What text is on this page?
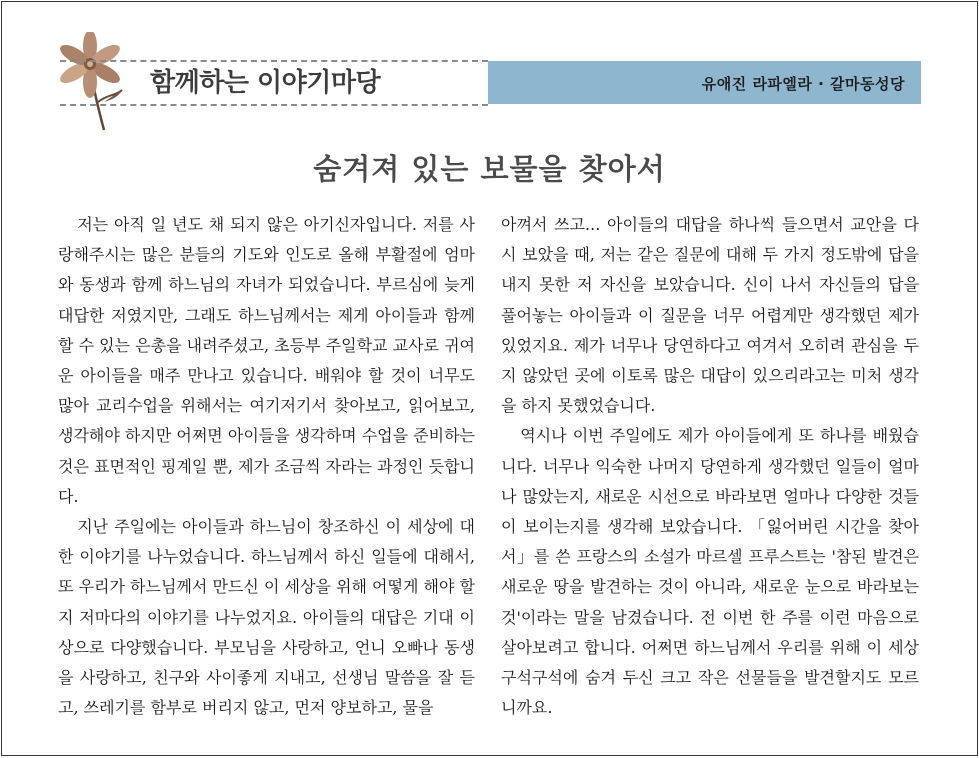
함께하는 이야기마당	유애진 라파엘라 · 갈마동성당
숨겨져 있는 보물을 찾아서

저는 아직 일 년도 채 되지 않은 아기신자입니다. 저를 사랑해주시는 많은 분들의 기도와 인도로 올해 부활절에 엄마와 동생과 함께 하느님의 자녀가 되었습니다. 부르심에 늦게 대답한 저였지만, 그래도 하느님께서는 제게 아이들과 함께할 수 있는 은총을 내려주셨고, 초등부 주일학교 교사로 귀여운 아이들을 매주 만나고 있습니다. 배워야 할 것이 너무도 많아 교리수업을 위해서는 여기저기서 찾아보고, 읽어보고, 생각해야 하지만 어쩌면 아이들을 생각하며 수업을 준비하는 것은 표면적인 핑계일 뿐, 제가 조금씩 자라는 과정인 듯합니다.

지난 주일에는 아이들과 하느님이 창조하신 이 세상에 대한 이야기를 나누었습니다. 하느님께서 하신 일들에 대해서, 또 우리가 하느님께서 만드신 이 세상을 위해 어떻게 해야 할지 저마다의 이야기를 나누었지요. 아이들의 대답은 기대 이상으로 다양했습니다. 부모님을 사랑하고, 언니 오빠나 동생을 사랑하고, 친구와 사이좋게 지내고, 선생님 말씀을 잘 듣고, 쓰레기를 함부로 버리지 않고, 먼저 양보하고, 물을

아껴서 쓰고... 아이들의 대답을 하나씩 들으면서 교안을 다시 보았을 때, 저는 같은 질문에 대해 두 가지 정도밖에 답을 내지 못한 저 자신을 보았습니다. 신이 나서 자신들의 답을 풀어놓는 아이들과 이 질문을 너무 어렵게만 생각했던 제가 있었지요. 제가 너무나 당연하다고 여겨서 오히려 관심을 두지 않았던 곳에 이토록 많은 대답이 있으리라고는 미처 생각을 하지 못했었습니다.

역시나 이번 주일에도 제가 아이들에게 또 하나를 배웠습니다. 너무나 익숙한 나머지 당연하게 생각했던 일들이 얼마나 많았는지, 새로운 시선으로 바라보면 얼마나 다양한 것들이 보이는지를 생각해 보았습니다. 「잃어버린 시간을 찾아서」를 쓴 프랑스의 소설가 마르셀 프루스트는 '참된 발견은 새로운 땅을 발견하는 것이 아니라, 새로운 눈으로 바라보는 것'이라는 말을 남겼습니다. 전 이번 한 주를 이런 마음으로 살아보려고 합니다. 어쩌면 하느님께서 우리를 위해 이 세상 구석구석에 숨겨 두신 크고 작은 선물들을 발견할지도 모르니까요.
